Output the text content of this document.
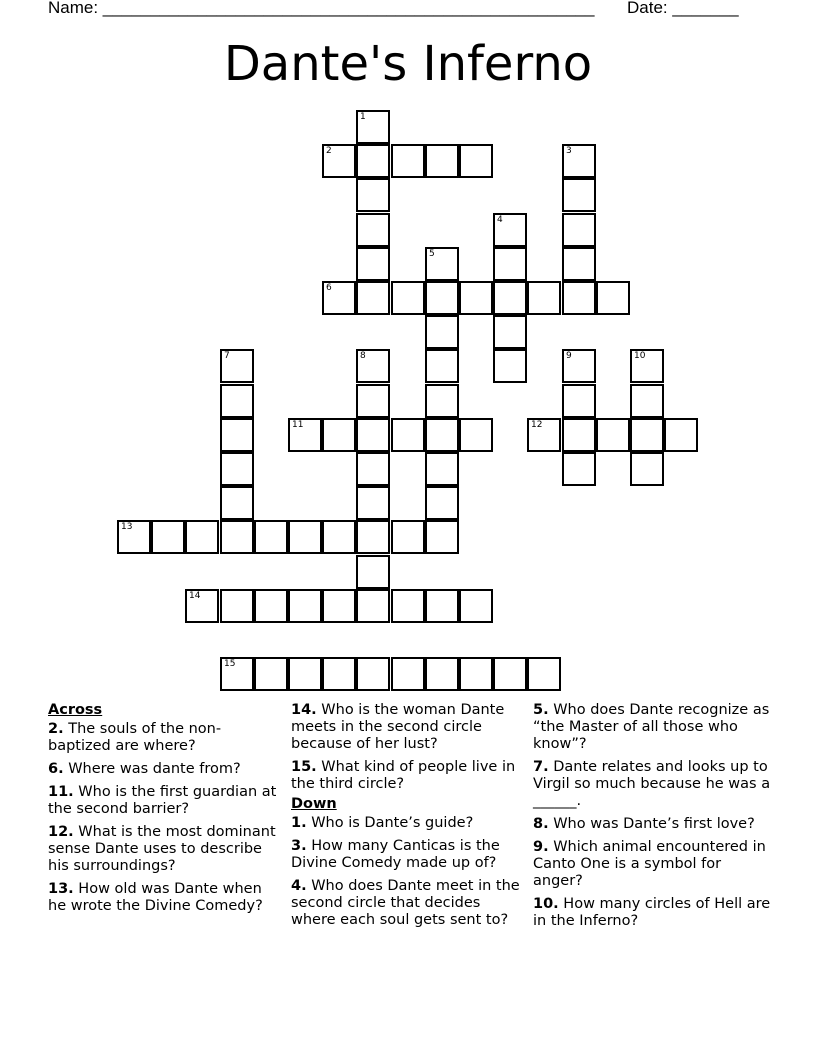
Name: ____________________________________________________ Date: _______
Dante's Inferno
1
2	3
4
5
6
7	8	9	10
11	12
13
14
15
Across
2. The souls of the non-baptized are where?
6. Where was dante from?
11. Who is the first guardian at the second barrier?
12. What is the most dominant sense Dante uses to describe his surroundings?
13. How old was Dante when he wrote the Divine Comedy?
14. Who is the woman Dante meets in the second circle because of her lust?
15. What kind of people live in the third circle?
Down
1. Who is Dante’s guide?
3. How many Canticas is the Divine Comedy made up of?
4. Who does Dante meet in the second circle that decides where each soul gets sent to?
5. Who does Dante recognize as “the Master of all those who know”?
7. Dante relates and looks up to Virgil so much because he was a ______.
8. Who was Dante’s first love?
9. Which animal encountered in Canto One is a symbol for anger?
10. How many circles of Hell are in the Inferno?
